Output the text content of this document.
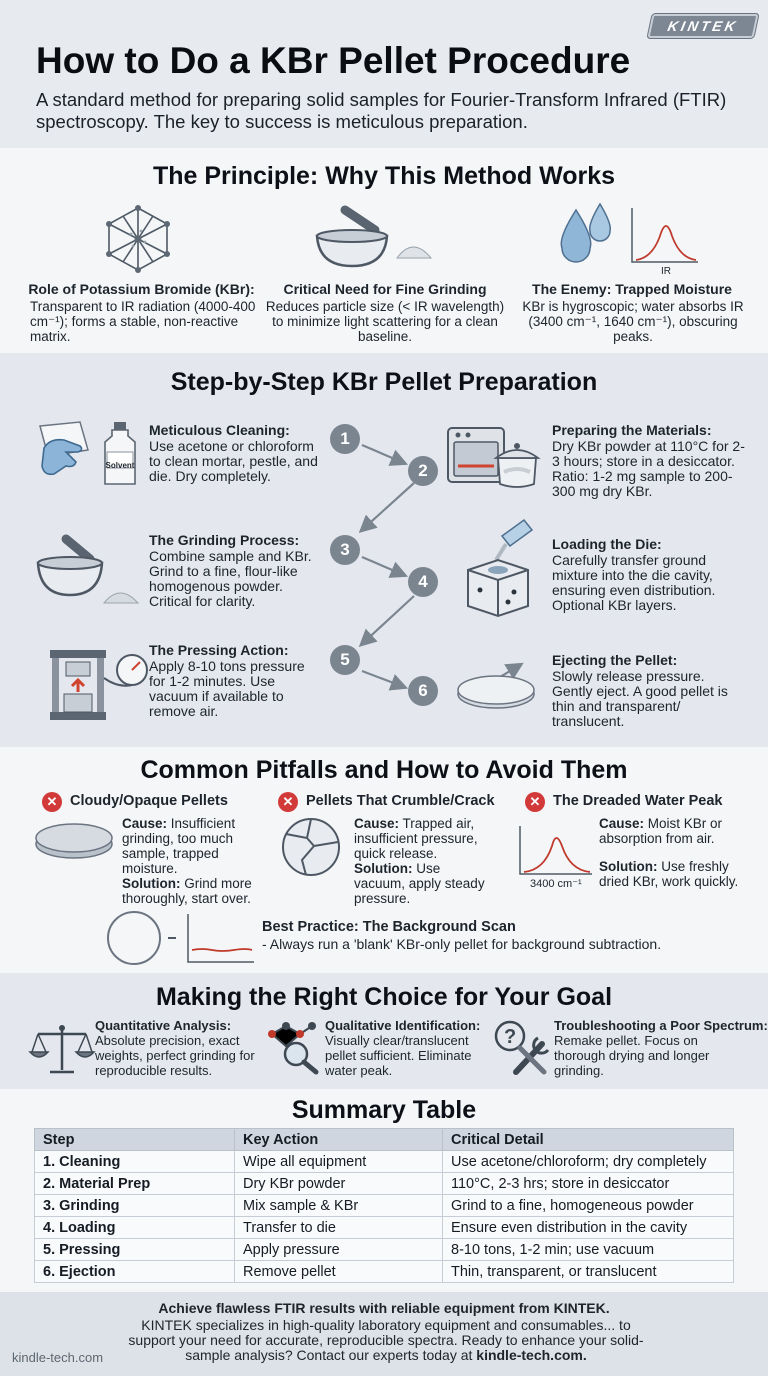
KINTEK
How to Do a KBr Pellet Procedure
A standard method for preparing solid samples for Fourier-Transform Infrared (FTIR) spectroscopy. The key to success is meticulous preparation.
The Principle: Why This Method Works
IR
Role of Potassium Bromide (KBr):
Transparent to IR radiation (4000-400 cm⁻¹); forms a stable, non-reactive matrix.
Critical Need for Fine Grinding
Reduces particle size (< IR wavelength) to minimize light scattering for a clean baseline.
The Enemy: Trapped Moisture
KBr is hygroscopic; water absorbs IR (3400 cm⁻¹, 1640 cm⁻¹), obscuring peaks.
Step-by-Step KBr Pellet Preparation
1
2
3
4
5
6
Solvent
Meticulous Cleaning:
Use acetone or chloroform to clean mortar, pestle, and die. Dry completely.
Preparing the Materials:
Dry KBr powder at 110°C for 2-3 hours; store in a desiccator. Ratio: 1-2 mg sample to 200-300 mg dry KBr.
The Grinding Process:
Combine sample and KBr. Grind to a fine, flour-like homogenous powder. Critical for clarity.
Loading the Die:
Carefully transfer ground mixture into the die cavity, ensuring even distribution. Optional KBr layers.
The Pressing Action:
Apply 8-10 tons pressure for 1-2 minutes. Use vacuum if available to remove air.
Ejecting the Pellet:
Slowly release pressure. Gently eject. A good pellet is thin and transparent/ translucent.
Common Pitfalls and How to Avoid Them
✕ Cloudy/Opaque Pellets	✕ Pellets That Crumble/Crack	✕ The Dreaded Water Peak
3400 cm⁻¹
Cause: Insufficient grinding, too much sample, trapped moisture.
Solution: Grind more thoroughly, start over.
Cause: Trapped air, insufficient pressure, quick release.
Solution: Use vacuum, apply steady pressure.
Cause: Moist KBr or absorption from air.
Solution: Use freshly dried KBr, work quickly.
Best Practice: The Background Scan
- Always run a 'blank' KBr-only pellet for background subtraction.
Making the Right Choice for Your Goal
?
Quantitative Analysis:
Absolute precision, exact weights, perfect grinding for reproducible results.
Qualitative Identification:
Visually clear/translucent pellet sufficient. Eliminate water peak.
Troubleshooting a Poor Spectrum:
Remake pellet. Focus on thorough drying and longer grinding.
Summary Table
Step	Key Action	Critical Detail
1. Cleaning	Wipe all equipment	Use acetone/chloroform; dry completely
2. Material Prep	Dry KBr powder	110°C, 2-3 hrs; store in desiccator
3. Grinding	Mix sample & KBr	Grind to a fine, homogeneous powder
4. Loading	Transfer to die	Ensure even distribution in the cavity
5. Pressing	Apply pressure	8-10 tons, 1-2 min; use vacuum
6. Ejection	Remove pellet	Thin, transparent, or translucent
Achieve flawless FTIR results with reliable equipment from KINTEK.
KINTEK specializes in high-quality laboratory equipment and consumables... to support your need for accurate, reproducible spectra. Ready to enhance your solid-sample analysis? Contact our experts today at kindle-tech.com.
kindle-tech.com
